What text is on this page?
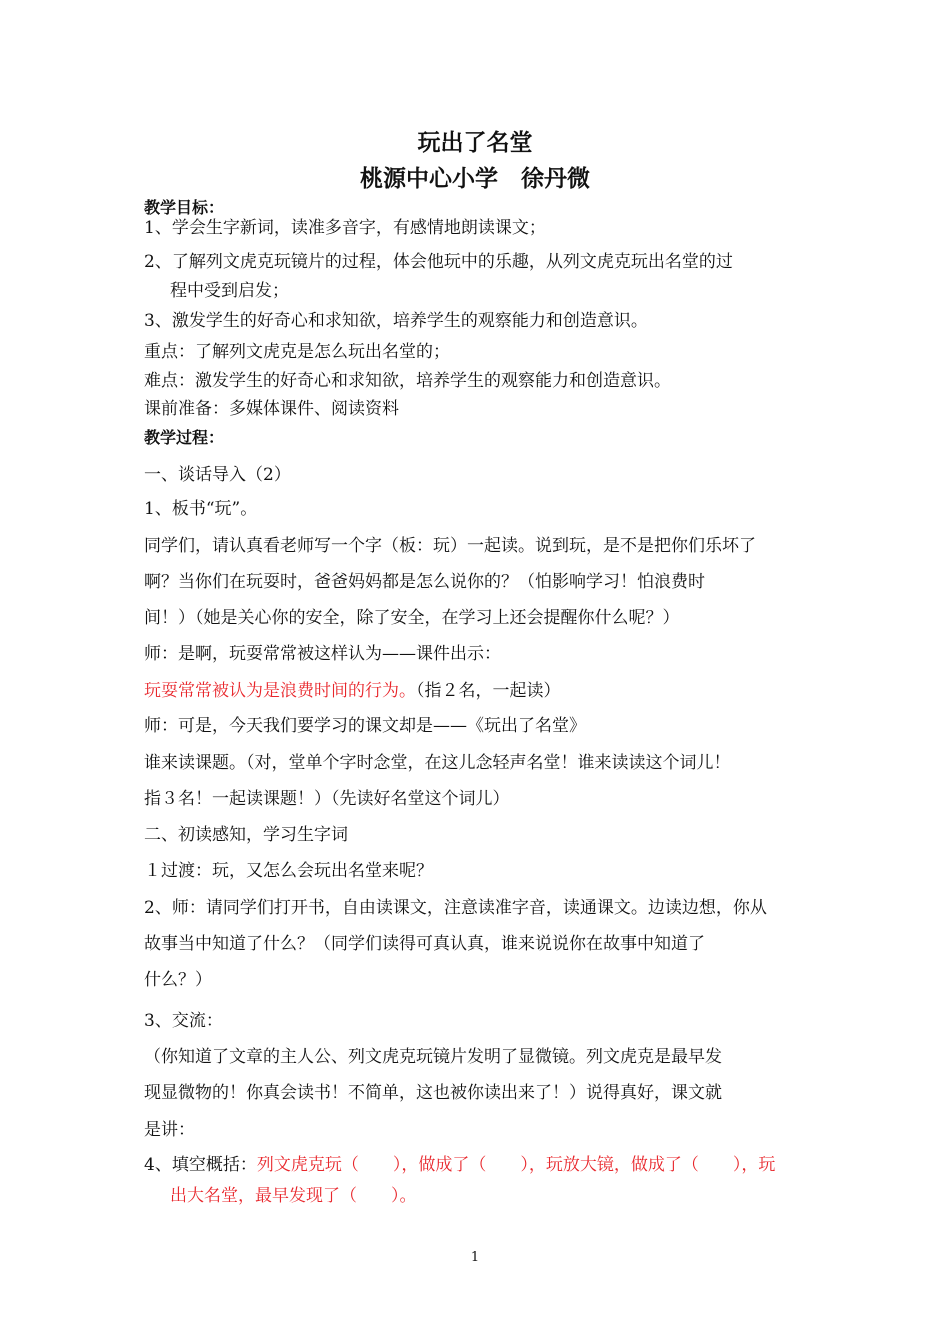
玩出了名堂
桃源中心小学　徐丹微
教学目标：
1、学会生字新词，读准多音字，有感情地朗读课文；
2、了解列文虎克玩镜片的过程，体会他玩中的乐趣，从列文虎克玩出名堂的过
程中受到启发；
3、激发学生的好奇心和求知欲，培养学生的观察能力和创造意识。
重点：了解列文虎克是怎么玩出名堂的；
难点：激发学生的好奇心和求知欲，培养学生的观察能力和创造意识。
课前准备：多媒体课件、阅读资料
教学过程：
一、谈话导入（2）
1、板书“玩”。
同学们，请认真看老师写一个字（板：玩）一起读。说到玩，是不是把你们乐坏了
啊？当你们在玩耍时，爸爸妈妈都是怎么说你的？（怕影响学习！怕浪费时
间！）（她是关心你的安全，除了安全，在学习上还会提醒你什么呢？）
师：是啊，玩耍常常被这样认为——课件出示：
玩耍常常被认为是浪费时间的行为。（指２名，一起读）
师：可是，今天我们要学习的课文却是——《玩出了名堂》
谁来读课题。（对，堂单个字时念堂，在这儿念轻声名堂！谁来读读这个词儿！
指３名！一起读课题！）（先读好名堂这个词儿）
二、初读感知，学习生字词
１过渡：玩，又怎么会玩出名堂来呢？
2、师：请同学们打开书，自由读课文，注意读准字音，读通课文。边读边想，你从
故事当中知道了什么？（同学们读得可真认真，谁来说说你在故事中知道了
什么？）
3、交流：
（你知道了文章的主人公、列文虎克玩镜片发明了显微镜。列文虎克是最早发
现显微物的！你真会读书！不简单，这也被你读出来了！）说得真好，课文就
是讲：
4、填空概括：列文虎克玩（　　），做成了（　　），玩放大镜，做成了（　　），玩
出大名堂，最早发现了（　　）。
1
